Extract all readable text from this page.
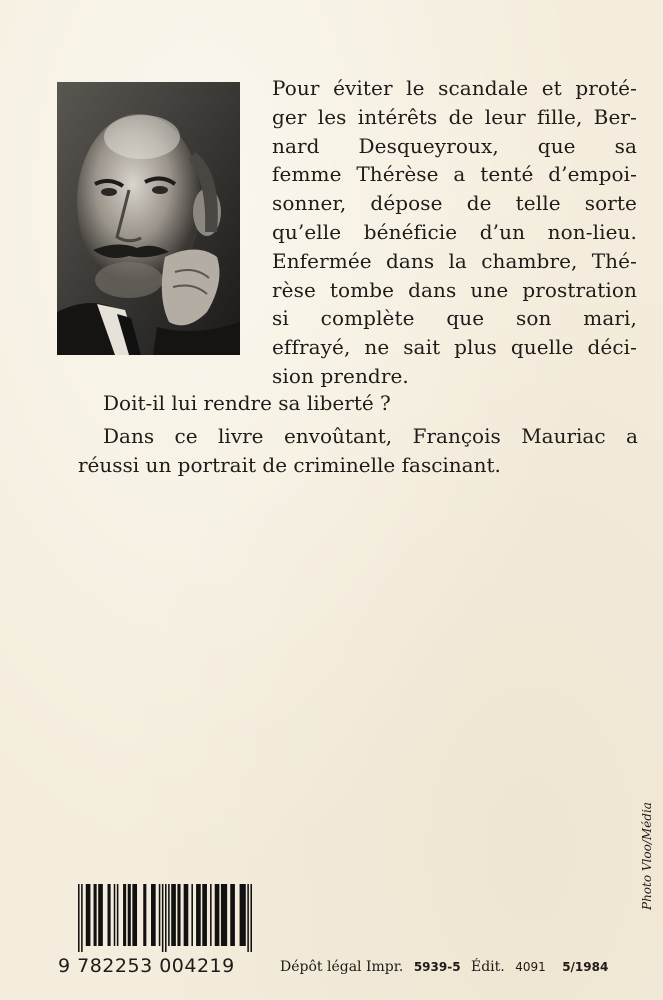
Pour éviter le scandale et proté-
ger les intérêts de leur fille, Ber-
nard Desqueyroux, que sa
femme Thérèse a tenté d’empoi-
sonner, dépose de telle sorte
qu’elle bénéficie d’un non-lieu.
Enfermée dans la chambre, Thé-
rèse tombe dans une prostration
si complète que son mari,
effrayé, ne sait plus quelle déci-
sion prendre.
Doit-il lui rendre sa liberté ?
Dans ce livre envoûtant, François Mauriac a
réussi un portrait de criminelle fascinant.
Photo Vloo/Média
9 782253 004219	Dépôt légal Impr. 5939-5 Édit. 4091 5/1984
